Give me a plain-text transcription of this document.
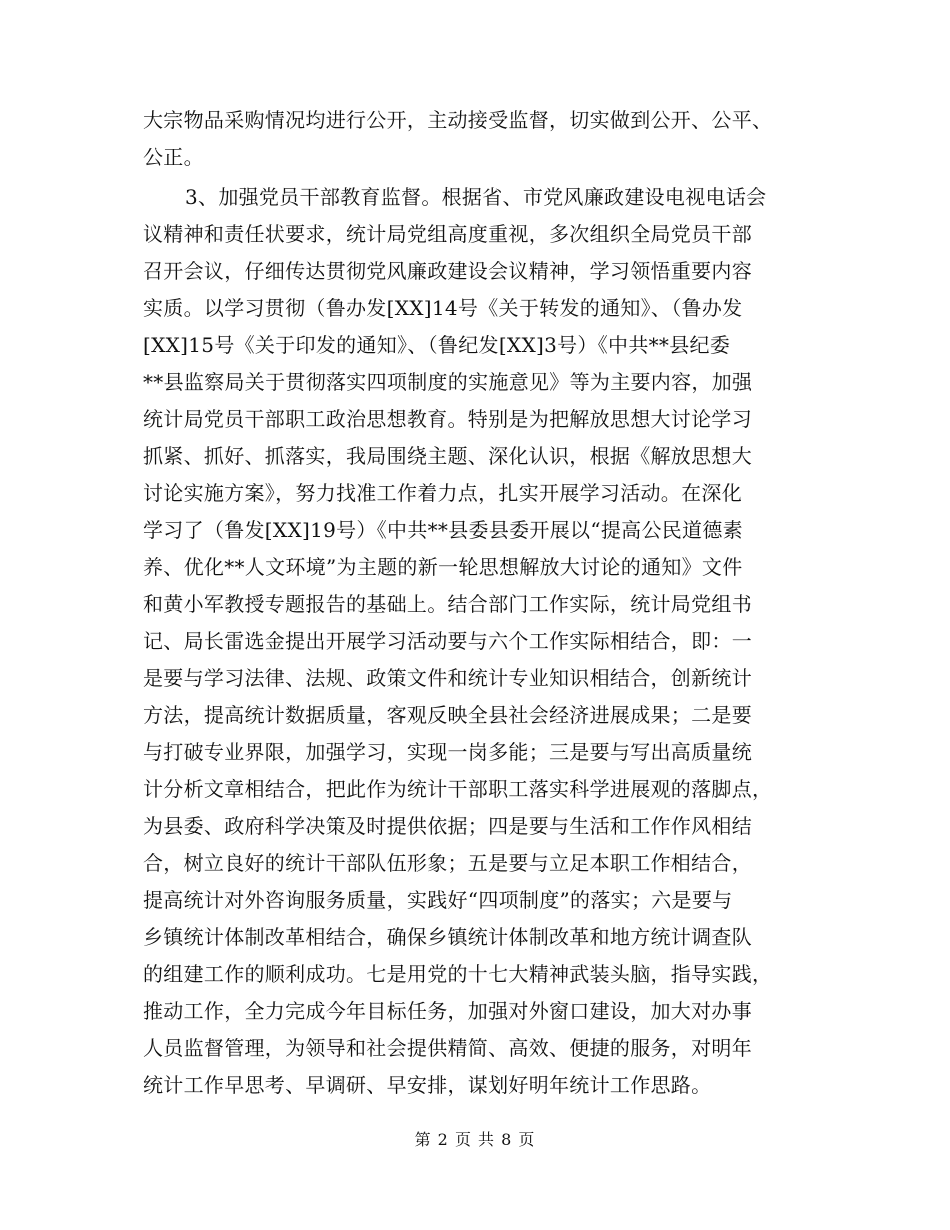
大宗物品采购情况均进行公开，主动接受监督，切实做到公开、公平、
公正。
3、加强党员干部教育监督。根据省、市党风廉政建设电视电话会
议精神和责任状要求，统计局党组高度重视，多次组织全局党员干部
召开会议，仔细传达贯彻党风廉政建设会议精神，学习领悟重要内容
实质。以学习贯彻（鲁办发[XX]14号《关于转发的通知》、（鲁办发
[XX]15号《关于印发的通知》、（鲁纪发[XX]3号）《中共**县纪委
**县监察局关于贯彻落实四项制度的实施意见》等为主要内容，加强
统计局党员干部职工政治思想教育。特别是为把解放思想大讨论学习
抓紧、抓好、抓落实，我局围绕主题、深化认识，根据《解放思想大
讨论实施方案》，努力找准工作着力点，扎实开展学习活动。在深化
学习了（鲁发[XX]19号）《中共**县委县委开展以“提高公民道德素
养、优化**人文环境”为主题的新一轮思想解放大讨论的通知》文件
和黄小军教授专题报告的基础上。结合部门工作实际，统计局党组书
记、局长雷选金提出开展学习活动要与六个工作实际相结合，即：一
是要与学习法律、法规、政策文件和统计专业知识相结合，创新统计
方法，提高统计数据质量，客观反映全县社会经济进展成果；二是要
与打破专业界限，加强学习，实现一岗多能；三是要与写出高质量统
计分析文章相结合，把此作为统计干部职工落实科学进展观的落脚点，
为县委、政府科学决策及时提供依据；四是要与生活和工作作风相结
合，树立良好的统计干部队伍形象；五是要与立足本职工作相结合，
提高统计对外咨询服务质量，实践好“四项制度”的落实；六是要与
乡镇统计体制改革相结合，确保乡镇统计体制改革和地方统计调查队
的组建工作的顺利成功。七是用党的十七大精神武装头脑，指导实践，
推动工作，全力完成今年目标任务，加强对外窗口建设，加大对办事
人员监督管理，为领导和社会提供精简、高效、便捷的服务，对明年
统计工作早思考、早调研、早安排，谋划好明年统计工作思路。
第 2 页 共 8 页
